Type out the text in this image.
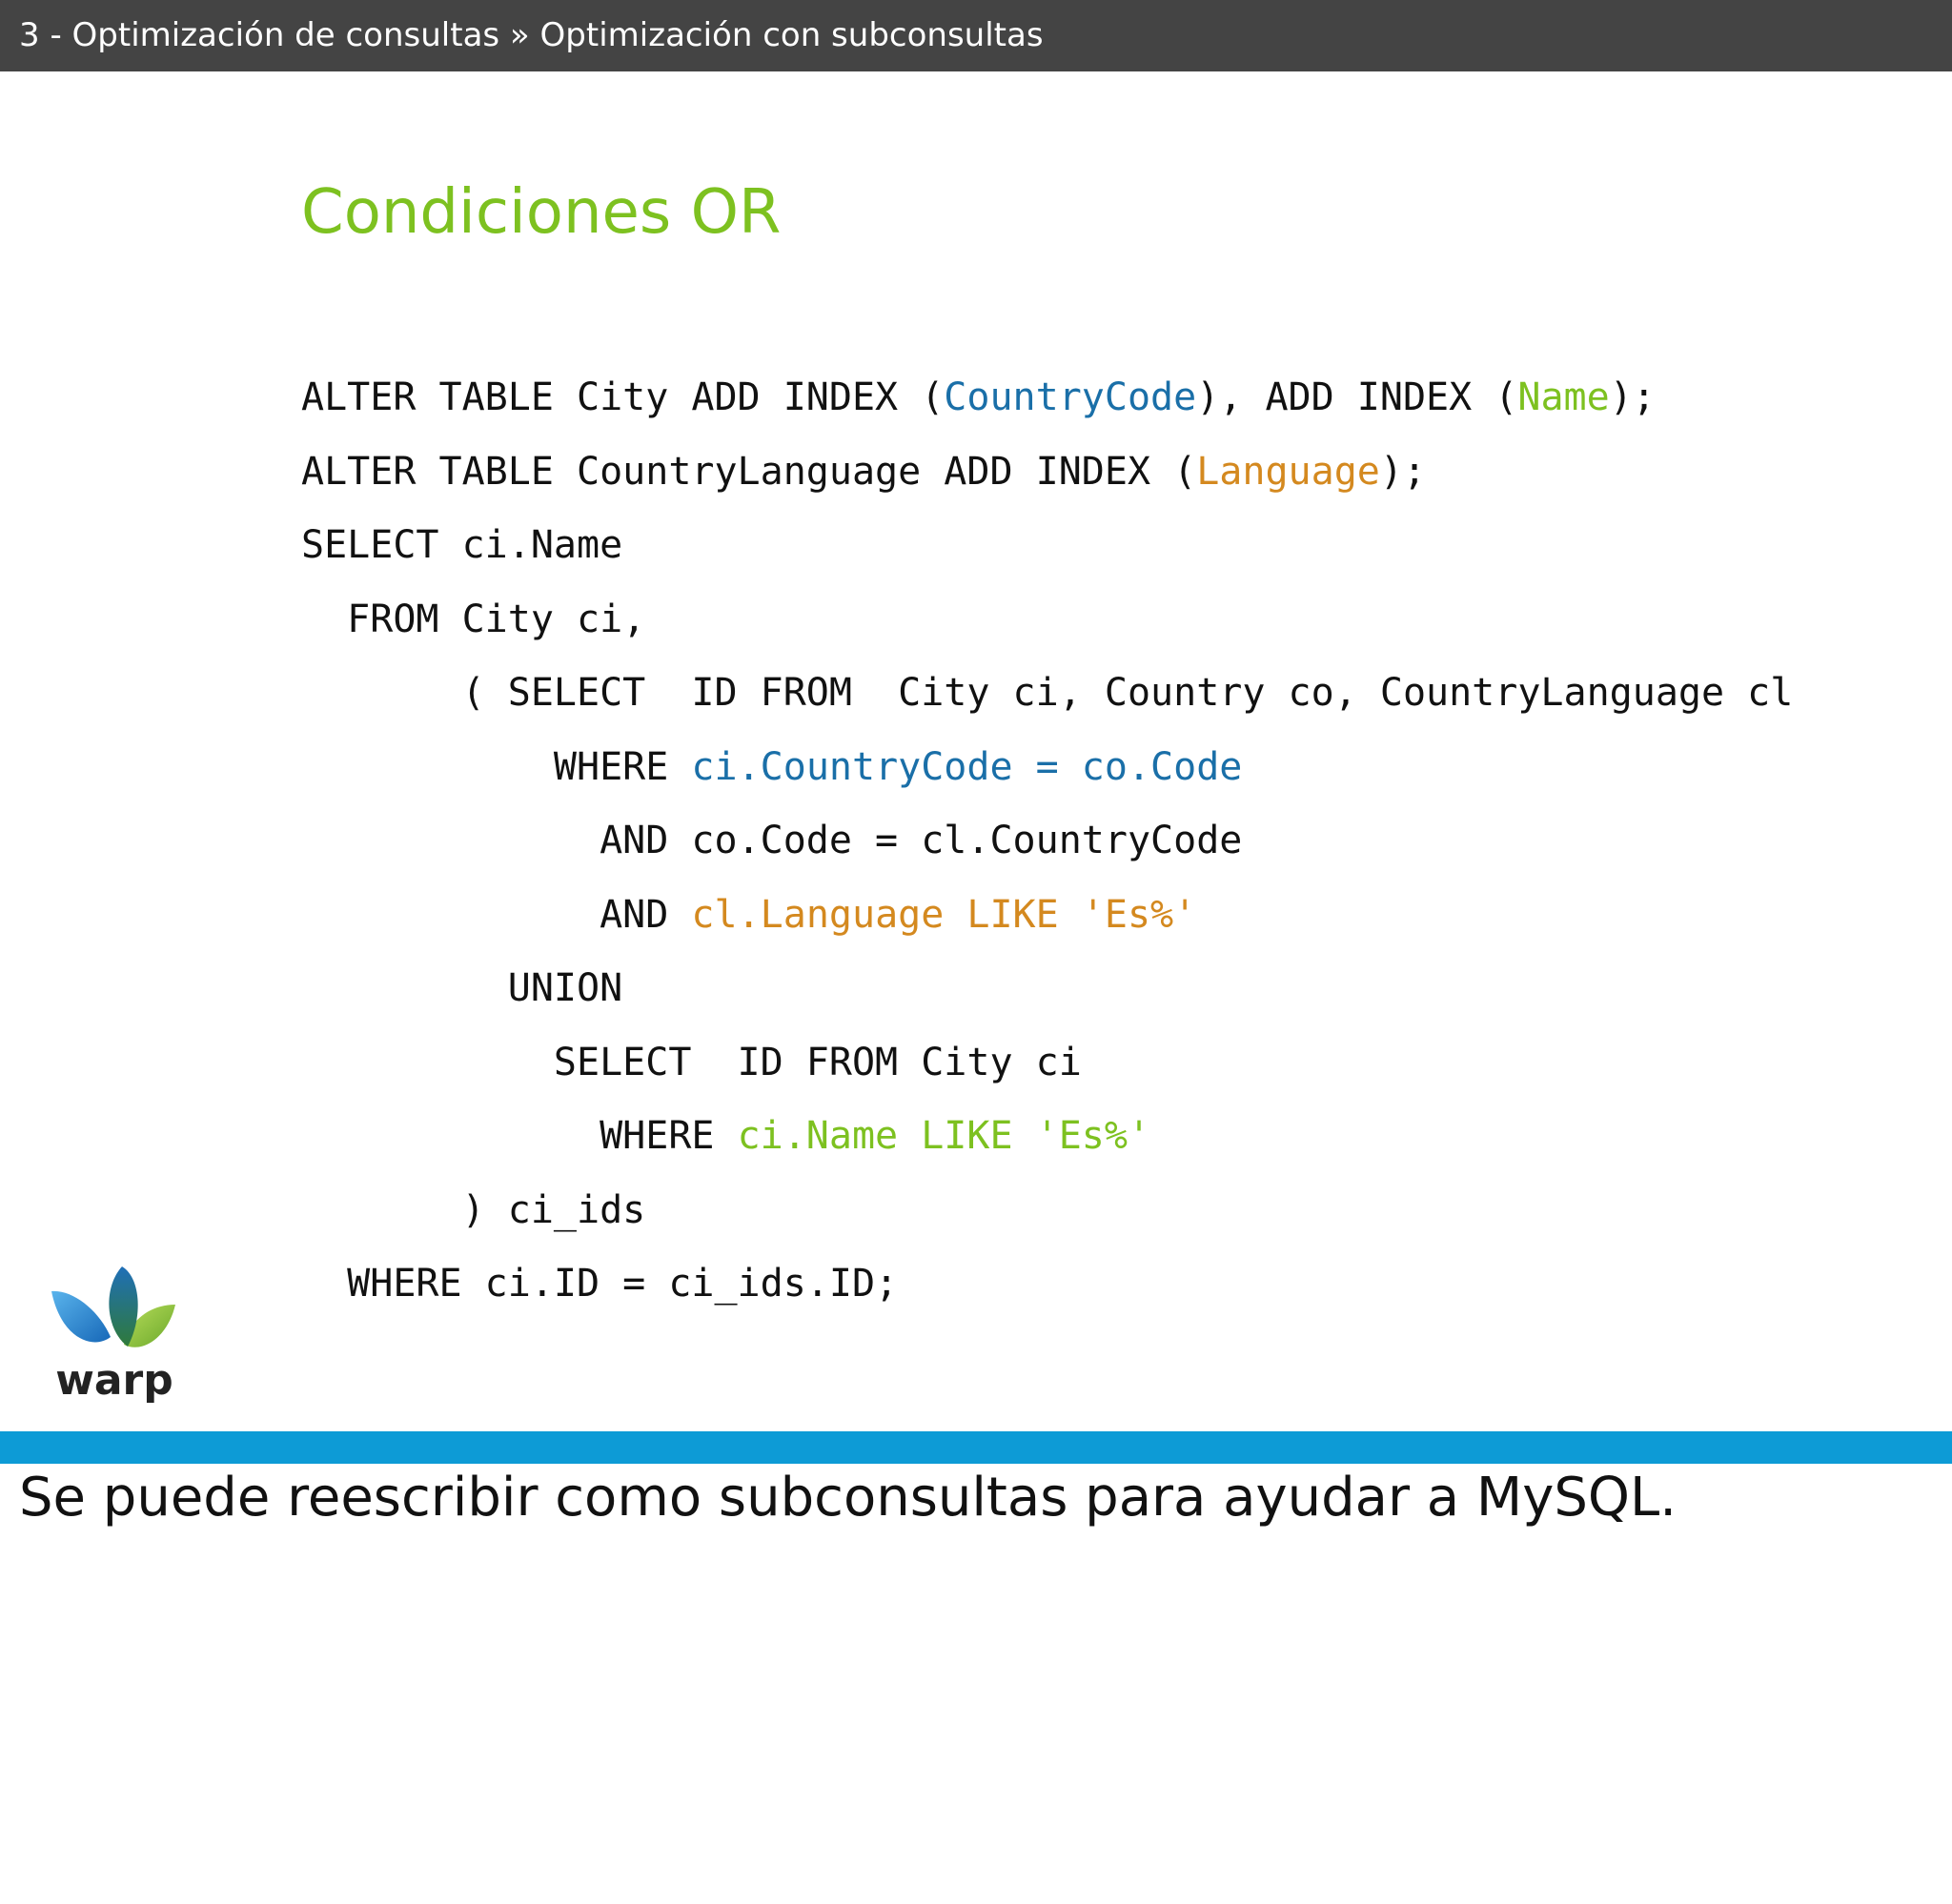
3 - Optimización de consultas » Optimización con subconsultas
Condiciones OR
ALTER TABLE City ADD INDEX (CountryCode), ADD INDEX (Name);
ALTER TABLE CountryLanguage ADD INDEX (Language);
SELECT ci.Name
FROM City ci,
( SELECT  ID FROM  City ci, Country co, CountryLanguage cl
WHERE ci.CountryCode = co.Code
AND co.Code = cl.CountryCode
AND cl.Language LIKE 'Es%'
UNION
SELECT  ID FROM City ci
WHERE ci.Name LIKE 'Es%'
) ci_ids
WHERE ci.ID = ci_ids.ID;
warp
Se puede reescribir como subconsultas para ayudar a MySQL.
